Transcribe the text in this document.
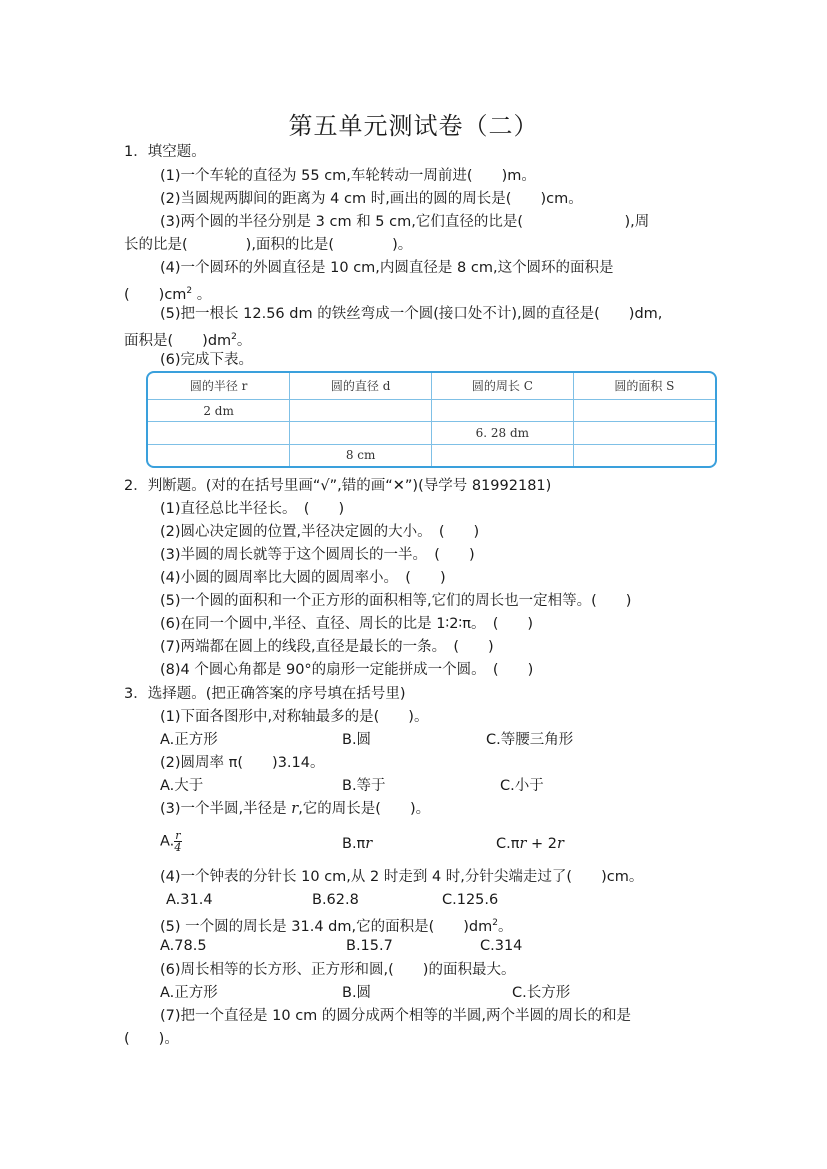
第五单元测试卷（二）
1．填空题。
(1)一个车轮的直径为 55 cm,车轮转动一周前进(　　)m。
(2)当圆规两脚间的距离为 4 cm 时,画出的圆的周长是(　　)cm。
(3)两个圆的半径分别是 3 cm 和 5 cm,它们直径的比是(　　　　　　　),周
长的比是(　　　　),面积的比是(　　　　)。
(4)一个圆环的外圆直径是 10 cm,内圆直径是 8 cm,这个圆环的面积是
(　　)$cm^2$ 。
(5)把一根长 12.56 dm 的铁丝弯成一个圆(接口处不计),圆的直径是(　　)dm,
面积是(　　)$dm^2$。
(6)完成下表。
圆的半径 r	圆的直径 d	圆的周长 C	圆的面积 S
2 dm			
		6. 28 dm	
	8 cm		
2．判断题。(对的在括号里画“√”,错的画“✕”)(导学号 81992181)
(1)直径总比半径长。　(　　)
(2)圆心决定圆的位置,半径决定圆的大小。　(　　)
(3)半圆的周长就等于这个圆周长的一半。　(　　)
(4)小圆的圆周率比大圆的圆周率小。　(　　)
(5)一个圆的面积和一个正方形的面积相等,它们的周长也一定相等。(　　)
(6)在同一个圆中,半径、直径、周长的比是 1∶2∶π。　(　　)
(7)两端都在圆上的线段,直径是最长的一条。　(　　)
(8)4 个圆心角都是 90°的扇形一定能拼成一个圆。　(　　)
3．选择题。(把正确答案的序号填在括号里)
(1)下面各图形中,对称轴最多的是(　　)。
A.正方形	B.圆	C.等腰三角形
(2)圆周率 π(　　)3.14。
A.大于	B.等于	C.小于
(3)一个半圆,半径是 r,它的周长是(　　)。
A. $\frac{r}{4}$	B.πr	C.πr + 2r
(4)一个钟表的分针长 10 cm,从 2 时走到 4 时,分针尖端走过了(　　)cm。
A.31.4	B.62.8	C.125.6
(5) 一个圆的周长是 31.4 dm,它的面积是(　　)$dm^2$。
A.78.5	B.15.7	C.314
(6)周长相等的长方形、正方形和圆,(　　)的面积最大。
A.正方形	B.圆	C.长方形
(7)把一个直径是 10 cm 的圆分成两个相等的半圆,两个半圆的周长的和是
(　　)。
